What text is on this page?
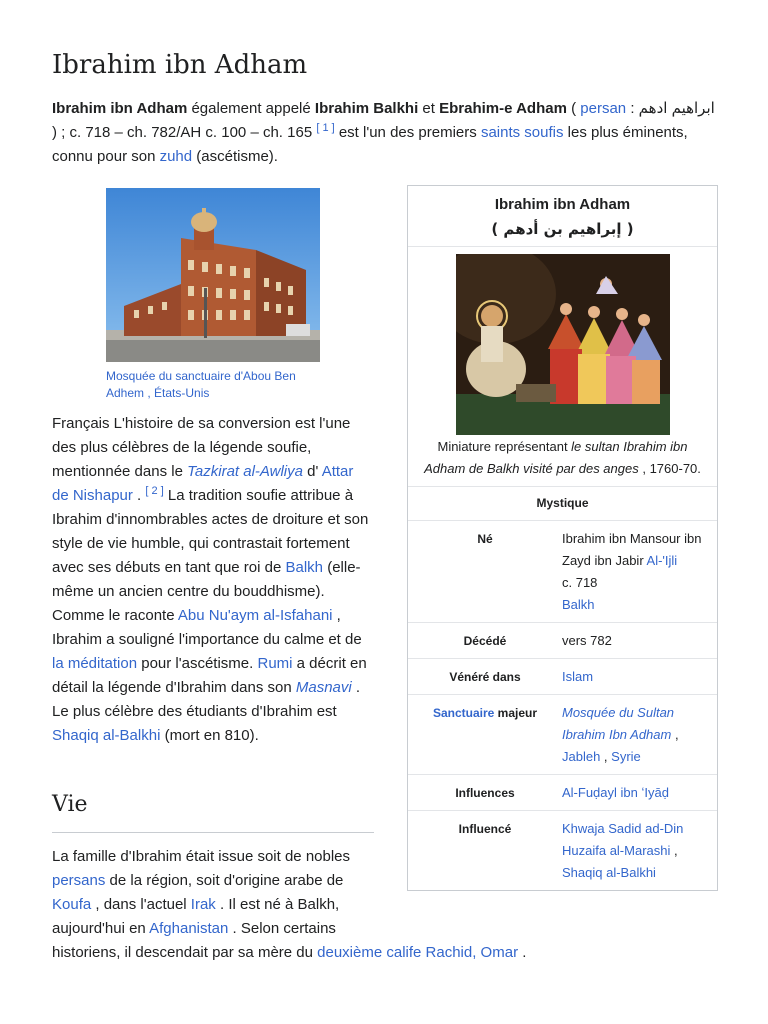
Ibrahim ibn Adham

Ibrahim ibn Adham également appelé Ibrahim Balkhi et Ebrahim-e Adham ( persan : ابراهیم ادهم ) ; c. 718 – ch. 782/AH c. 100 – ch. 165 [ 1 ] est l'un des premiers saints soufis les plus éminents, connu pour son zuhd (ascétisme).

Mosquée du sanctuaire d'Abou Ben Adhem , États-Unis

Français L'histoire de sa conversion est l'une des plus célèbres de la légende soufie, mentionnée dans le Tazkirat al-Awliya d' Attar de Nishapur . [ 2 ] La tradition soufie attribue à Ibrahim d'innombrables actes de droiture et son style de vie humble, qui contrastait fortement avec ses débuts en tant que roi de Balkh (elle-même un ancien centre du bouddhisme). Comme le raconte Abu Nu'aym al-Isfahani , Ibrahim a souligné l'importance du calme et de la méditation pour l'ascétisme. Rumi a décrit en détail la légende d'Ibrahim dans son Masnavi . Le plus célèbre des étudiants d'Ibrahim est Shaqiq al-Balkhi (mort en 810).

Vie

La famille d'Ibrahim était issue soit de nobles persans de la région, soit d'origine arabe de Koufa , dans l'actuel Irak . Il est né à Balkh, aujourd'hui en Afghanistan . Selon certains
historiens, il descendait par sa mère du deuxième calife Rachid, Omar .

Ibrahim ibn Adham
( إبراهيم بن أدهم )
Miniature représentant le sultan Ibrahim ibn Adham de Balkh visité par des anges , 1760-70.
Mystique
Né	Ibrahim ibn Mansour ibn Zayd ibn Jabir Al-'Ijli
c. 718
Balkh
Décédé	vers 782
Vénéré dans	Islam
Sanctuaire majeur	Mosquée du Sultan Ibrahim Ibn Adham ,
Jableh , Syrie
Influences	Al-Fuḍayl ibn ʻIyāḍ
Influencé	Khwaja Sadid ad-Din Huzaifa al-Marashi ,
Shaqiq al-Balkhi
